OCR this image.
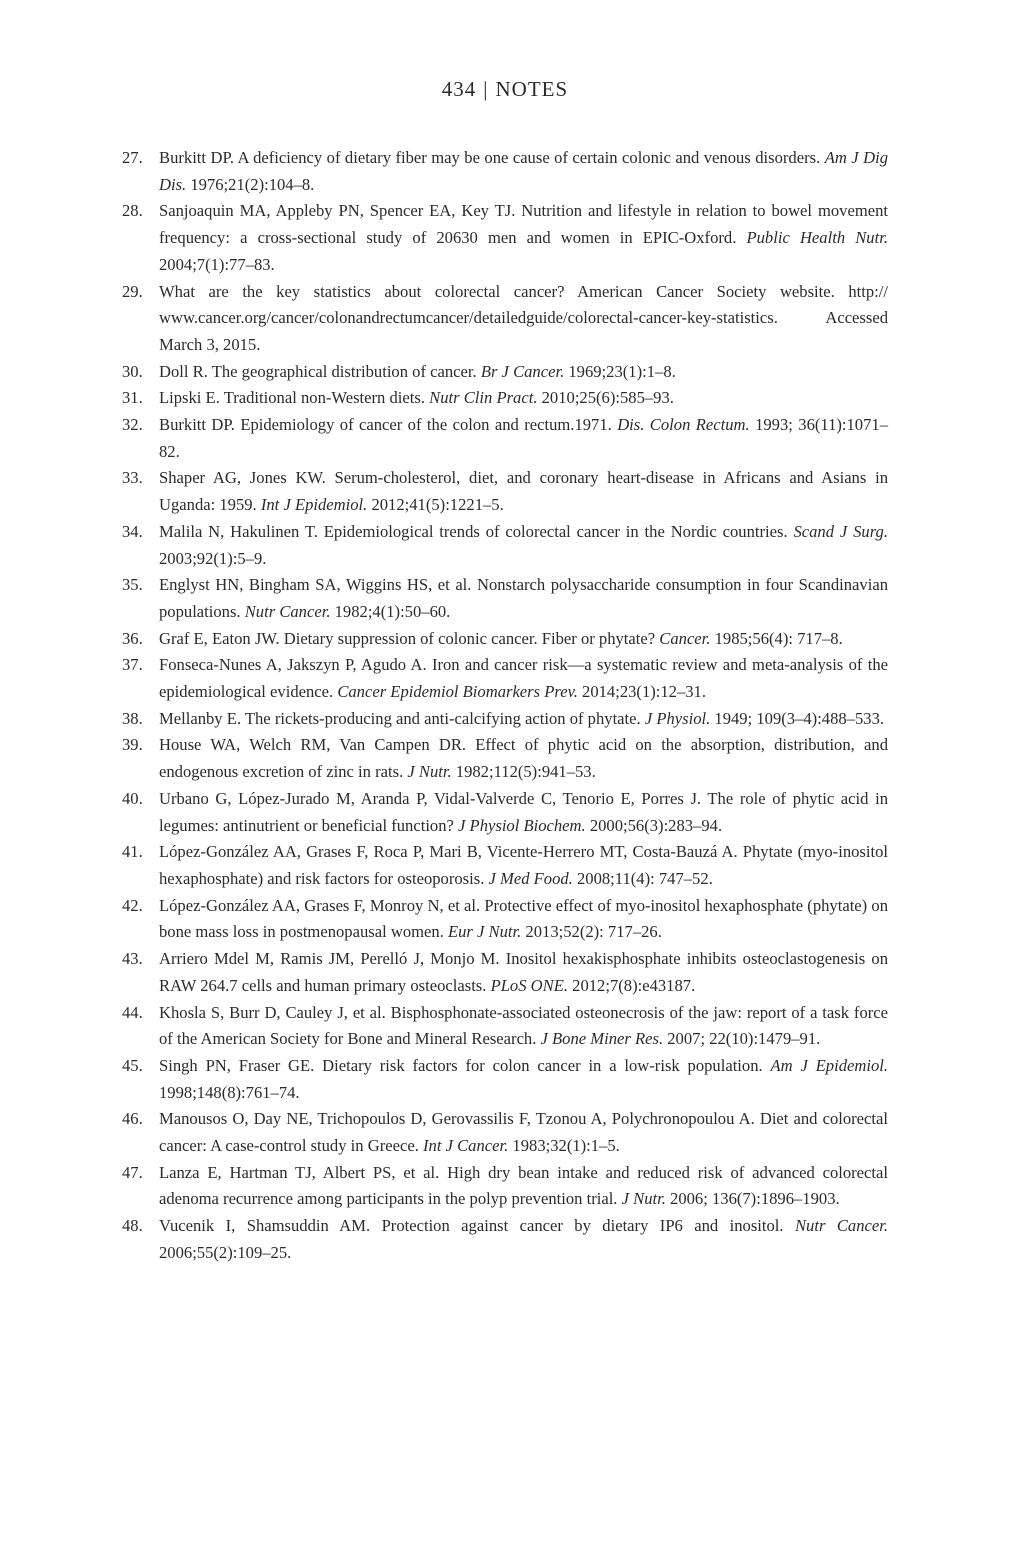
434 | NOTES
27. Burkitt DP. A deficiency of dietary fiber may be one cause of certain colonic and venous disorders. Am J Dig Dis. 1976;21(2):104–8.
28. Sanjoaquin MA, Appleby PN, Spencer EA, Key TJ. Nutrition and lifestyle in relation to bowel movement frequency: a cross-sectional study of 20630 men and women in EPIC-Oxford. Public Health Nutr. 2004;7(1):77–83.
29. What are the key statistics about colorectal cancer? American Cancer Society website. http://​www.cancer.org/cancer/colonandrectumcancer/detailedguide/colorectal-cancer-key​-statistics. Accessed March 3, 2015.
30. Doll R. The geographical distribution of cancer. Br J Cancer. 1969;23(1):1–8.
31. Lipski E. Traditional non-Western diets. Nutr Clin Pract. 2010;25(6):585–93.
32. Burkitt DP. Epidemiology of cancer of the colon and rectum.1971. Dis. Colon Rectum. 1993; 36(11):1071–82.
33. Shaper AG, Jones KW. Serum-cholesterol, diet, and coronary heart-disease in Africans and Asians in Uganda: 1959. Int J Epidemiol. 2012;41(5):1221–5.
34. Malila N, Hakulinen T. Epidemiological trends of colorectal cancer in the Nordic countries. Scand J Surg. 2003;92(1):5–9.
35. Englyst HN, Bingham SA, Wiggins HS, et al. Nonstarch polysaccharide consumption in four Scandinavian populations. Nutr Cancer. 1982;4(1):50–60.
36. Graf E, Eaton JW. Dietary suppression of colonic cancer. Fiber or phytate? Cancer. 1985;56(4): 717–8.
37. Fonseca-Nunes A, Jakszyn P, Agudo A. Iron and cancer risk—a systematic review and meta-analysis of the epidemiological evidence. Cancer Epidemiol Biomarkers Prev. 2014;23(1):12–31.
38. Mellanby E. The rickets-producing and anti-calcifying action of phytate. J Physiol. 1949; 109(3–4):488–533.
39. House WA, Welch RM, Van Campen DR. Effect of phytic acid on the absorption, distribution, and endogenous excretion of zinc in rats. J Nutr. 1982;112(5):941–53.
40. Urbano G, López-Jurado M, Aranda P, Vidal-Valverde C, Tenorio E, Porres J. The role of phytic acid in legumes: antinutrient or beneficial function? J Physiol Biochem. 2000;56(3):283–94.
41. López-González AA, Grases F, Roca P, Mari B, Vicente-Herrero MT, Costa-Bauzá A. Phytate (myo-inositol hexaphosphate) and risk factors for osteoporosis. J Med Food. 2008;11(4): 747–52.
42. López-González AA, Grases F, Monroy N, et al. Protective effect of myo-inositol hexaphosphate (phytate) on bone mass loss in postmenopausal women. Eur J Nutr. 2013;52(2): 717–26.
43. Arriero Mdel M, Ramis JM, Perelló J, Monjo M. Inositol hexakisphosphate inhibits osteoclastogenesis on RAW 264.7 cells and human primary osteoclasts. PLoS ONE. 2012;7(8):e43187.
44. Khosla S, Burr D, Cauley J, et al. Bisphosphonate-associated osteonecrosis of the jaw: report of a task force of the American Society for Bone and Mineral Research. J Bone Miner Res. 2007; 22(10):1479–91.
45. Singh PN, Fraser GE. Dietary risk factors for colon cancer in a low-risk population. Am J Epidemiol. 1998;148(8):761–74.
46. Manousos O, Day NE, Trichopoulos D, Gerovassilis F, Tzonou A, Polychronopoulou A. Diet and colorectal cancer: A case-control study in Greece. Int J Cancer. 1983;32(1):1–5.
47. Lanza E, Hartman TJ, Albert PS, et al. High dry bean intake and reduced risk of advanced colorectal adenoma recurrence among participants in the polyp prevention trial. J Nutr. 2006; 136(7):1896–1903.
48. Vucenik I, Shamsuddin AM. Protection against cancer by dietary IP6 and inositol. Nutr Cancer. 2006;55(2):109–25.
